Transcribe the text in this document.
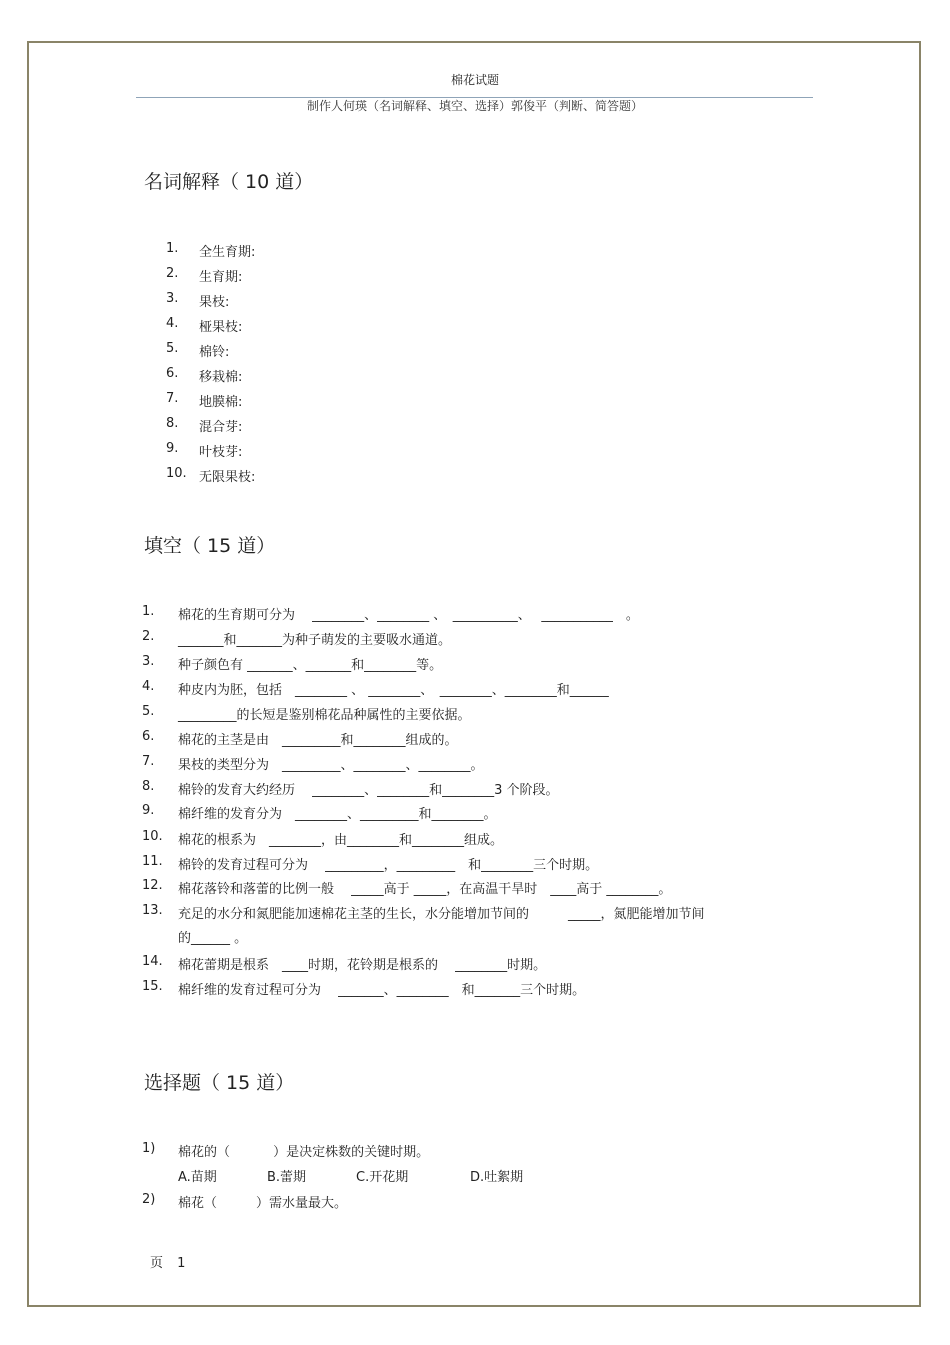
棉花试题
制作人何瑛（名词解释、填空、选择）郭俊平（判断、简答题）
名词解释（ 10 道）
1. 全生育期:
2. 生育期:
3. 果枝:
4. 桠果枝:
5. 棉铃:
6. 移栽棉:
7. 地膜棉:
8. 混合芽:
9. 叶枝芽:
10. 无限果枝:
填空（ 15 道）
1. 棉花的生育期可分为　 ________、________ 、　__________、　 ___________　。
2. _______和_______为种子萌发的主要吸水通道。
3. 种子颜色有 _______、_______和________等。
4. 种皮内为胚，包括　________ 、 ________、　________、________和______
5. _________的长短是鉴别棉花品种属性的主要依据。
6. 棉花的主茎是由　_________和________组成的。
7. 果枝的类型分为　_________、________、________。
8. 棉铃的发育大约经历　 ________、________和________3 个阶段。
9. 棉纤维的发育分为　________、_________和________。
10. 棉花的根系为　________，由________和________组成。
11. 棉铃的发育过程可分为　 _________，_________　和________三个时期。
12. 棉花落铃和落蕾的比例一般　 _____高于 _____，在高温干旱时　____高于 ________。
13. 充足的水分和氮肥能加速棉花主茎的生长，水分能增加节间的　　　_____，氮肥能增加节间
的______ 。
14. 棉花蕾期是根系　____时期，花铃期是根系的　 ________时期。
15. 棉纤维的发育过程可分为　 _______、________　和_______三个时期。
选择题（ 15 道）
1) 棉花的（　　　 ）是决定株数的关键时期。
A.苗期	B.蕾期	C.开花期	D.吐絮期
2) 棉花（　　　）需水量最大。
页 1
